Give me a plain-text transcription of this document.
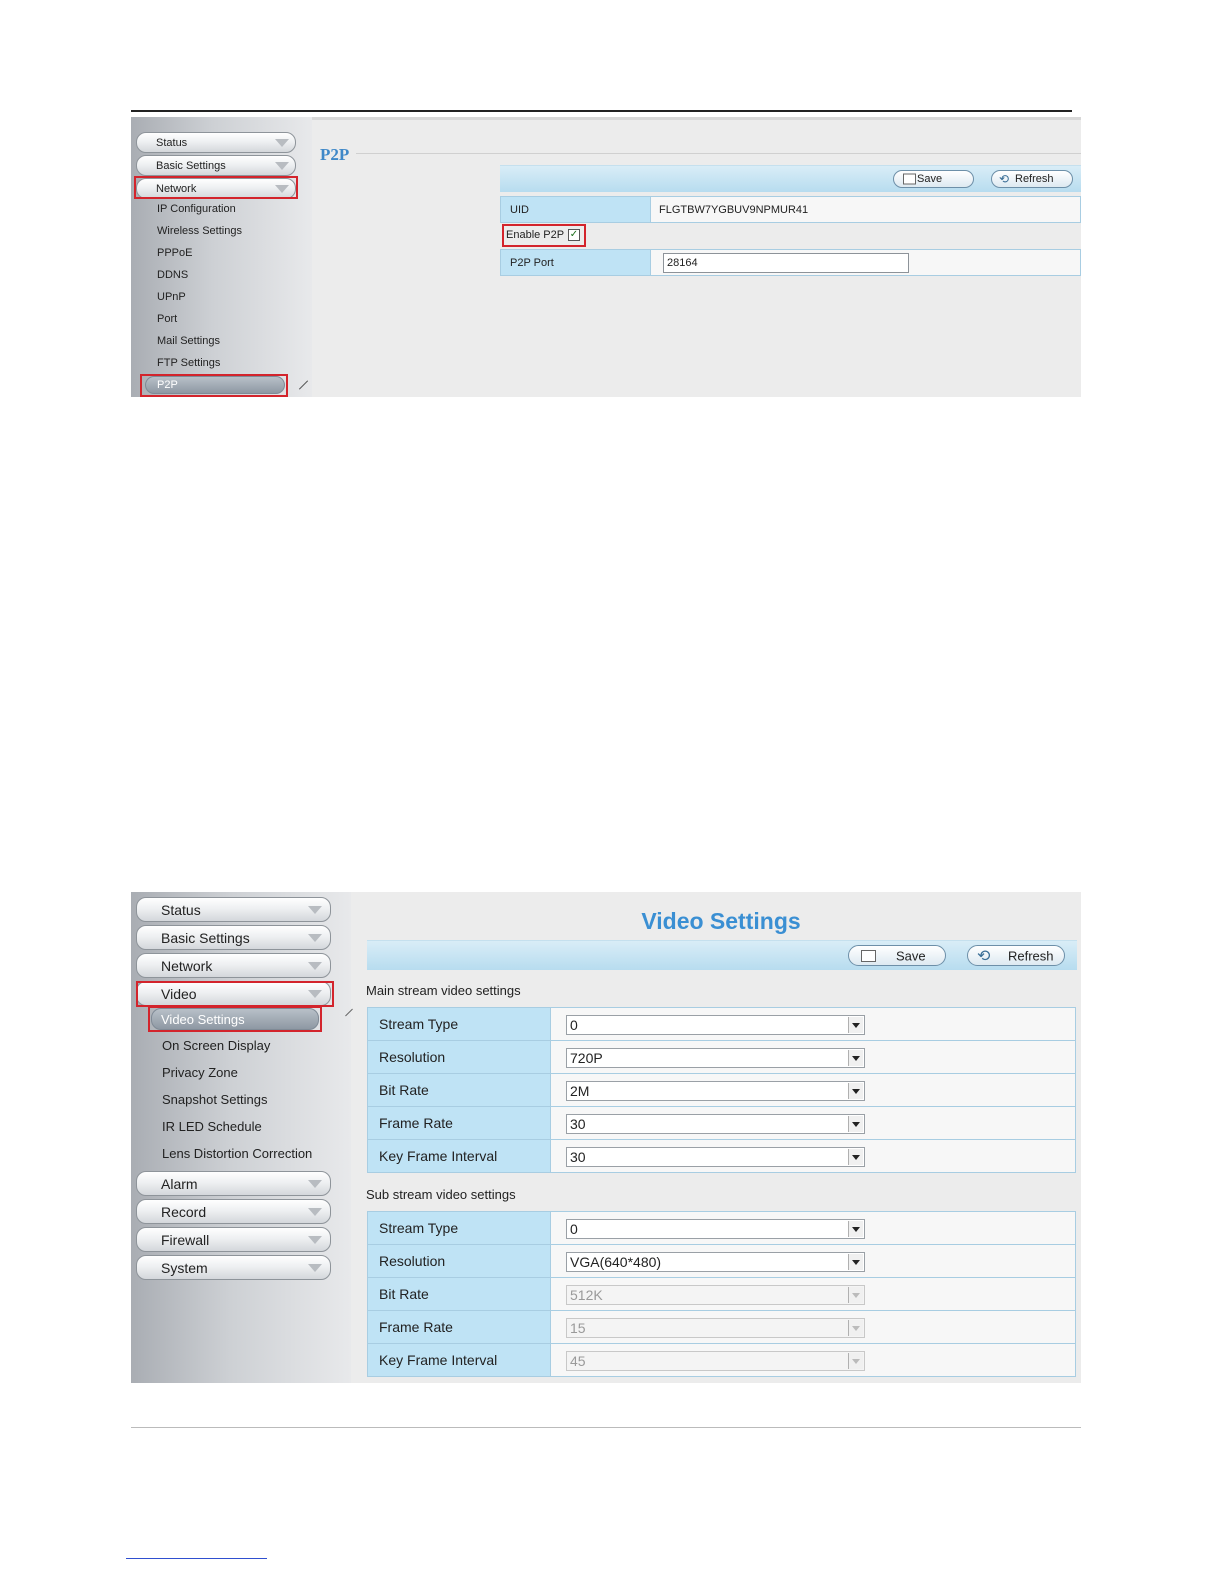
Status
Basic Settings
Network
IP Configuration
Wireless Settings
PPPoE
DDNS
UPnP
Port
Mail Settings
FTP Settings
P2P
P2P
Save	⟲ Refresh
UID	FLGTBW7YGBUV9NPMUR41
Enable P2P ✓
P2P Port	28164
Status
Basic Settings
Network
Video
Video Settings
On Screen Display
Privacy Zone
Snapshot Settings
IR LED Schedule
Lens Distortion Correction
Alarm
Record
Firewall
System
Video Settings
Save	⟲ Refresh
Main stream video settings
Stream Type	0
Resolution	720P
Bit Rate	2M
Frame Rate	30
Key Frame Interval	30
Sub stream video settings
Stream Type	0
Resolution	VGA(640*480)
Bit Rate	512K
Frame Rate	15
Key Frame Interval	45
